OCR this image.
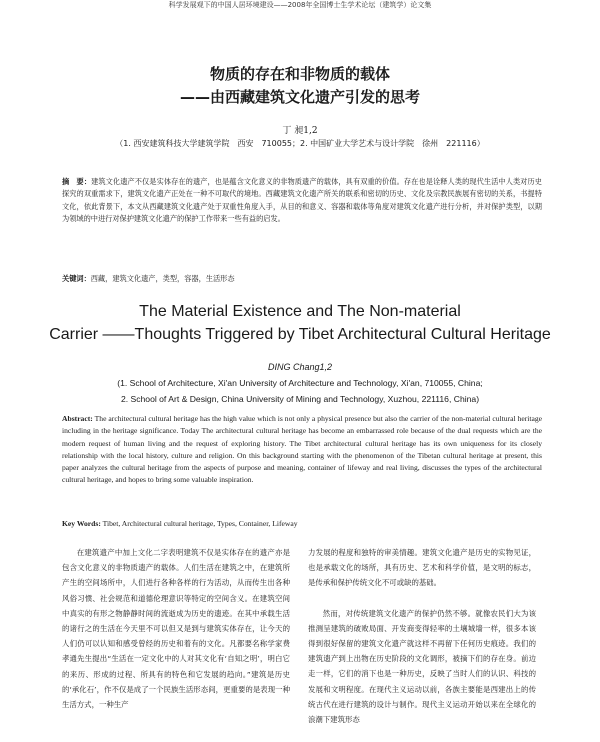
科学发展观下的中国人居环境建设——2008年全国博士生学术论坛（建筑学）论文集
物质的存在和非物质的载体
——由西藏建筑文化遗产引发的思考
丁 昶1,2
（1. 西安建筑科技大学建筑学院　西安　710055；2. 中国矿业大学艺术与设计学院　徐州　221116）
摘　要：建筑文化遗产不仅是实体存在的遗产，也是蕴含文化意义的非物质遗产的载体，具有双重的价值。存在也是诠释人类的现代生活中人类对历史探究的双重需求下，建筑文化遗产正处在一种不可取代的境地。西藏建筑文化遗产所关的联系和密切的历史、文化及宗教民族展有密切的关系，书提特文化，依此背景下，本文从西藏建筑文化遗产处于双重性角度入手，从目的和意义、容器和载体等角度对建筑文化遗产进行分析，并对保护类型，以期为领域的中进行对保护建筑文化遗产的保护工作带来一些有益的启发。
关键词：西藏，建筑文化遗产，类型，容器，生活形态
The Material Existence and The Non-material
Carrier ——Thoughts Triggered by Tibet Architectural Cultural Heritage
DING Chang1,2
(1. School of Architecture, Xi'an University of Architecture and Technology, Xi'an, 710055, China;
2. School of Art & Design, China University of Mining and Technology, Xuzhou, 221116, China)
Abstract: The architectural cultural heritage has the high value which is not only a physical presence but also the carrier of the non-material cultural heritage including in the heritage significance. Today The architectural cultural heritage has become an embarrassed role because of the dual requests which are the modern request of human living and the request of exploring history. The Tibet architectural cultural heritage has its own uniqueness for its closely relationship with the local history, culture and religion. On this background starting with the phenomenon of the Tibetan cultural heritage at present, this paper analyzes the cultural heritage from the aspects of purpose and meaning, container of lifeway and real living, discusses the types of the architectural cultural heritage, and hopes to bring some valuable inspiration.
Key Words: Tibet, Architectural cultural heritage, Types, Container, Lifeway

在建筑遗产中加上文化二字表明建筑不仅是实体存在的遗产亦是包含文化意义的非物质遗产的载体。人们生活在建筑之中，在建筑所产生的空间场所中，人们进行各种各样的行为活动，从而传生出各种风俗习惯、社会规范和道德伦理意识等特定的空间含义。在建筑空间中真实的有形之物静静时间的流逝成为历史的遗迹。在其中承载生活的诸行之的生活在今天里不可以但又是到与建筑实体存在，让今天的人们仍可以认知和感受曾经的历史和着有的文化。凡都要名称学家费孝通先生提出“生活在一定文化中的人对其文化有‘自知之明’，明白它的来历、形成的过程、所具有的特色和它发展的趋向。”建筑是历史的‘承化石’，作不仅是成了一个民族生活形态间，更重要的是表现一种生活方式，一种生产

力发展的程度和独特的审美情趣。建筑文化遗产是历史的实物见证，也是承载文化的场所，具有历史、艺术和科学价值，是文明的标志，是传承和保护传统文化不可或缺的基础。

然而，对传统建筑文化遗产的保护仍然不够。就像农民们大为该推测呈建筑的破败局面、开发商变得轻率的土壤城墙一样，很多本该得到很好保留的建筑文化遗产就这样不再留下任何历史痕迹。我们的建筑遗产到上出物在历史阶段的文化调形，被摘下们的存在身。前边走一样，它们的消下也是一种历史，反映了当时人们的认识、科技的发展和文明程度。在现代主义运动以前，各族主要能是西建出上的传统古代在进行建筑的设计与制作。现代主义运动开始以来在全球化的浪潮下建筑形态
